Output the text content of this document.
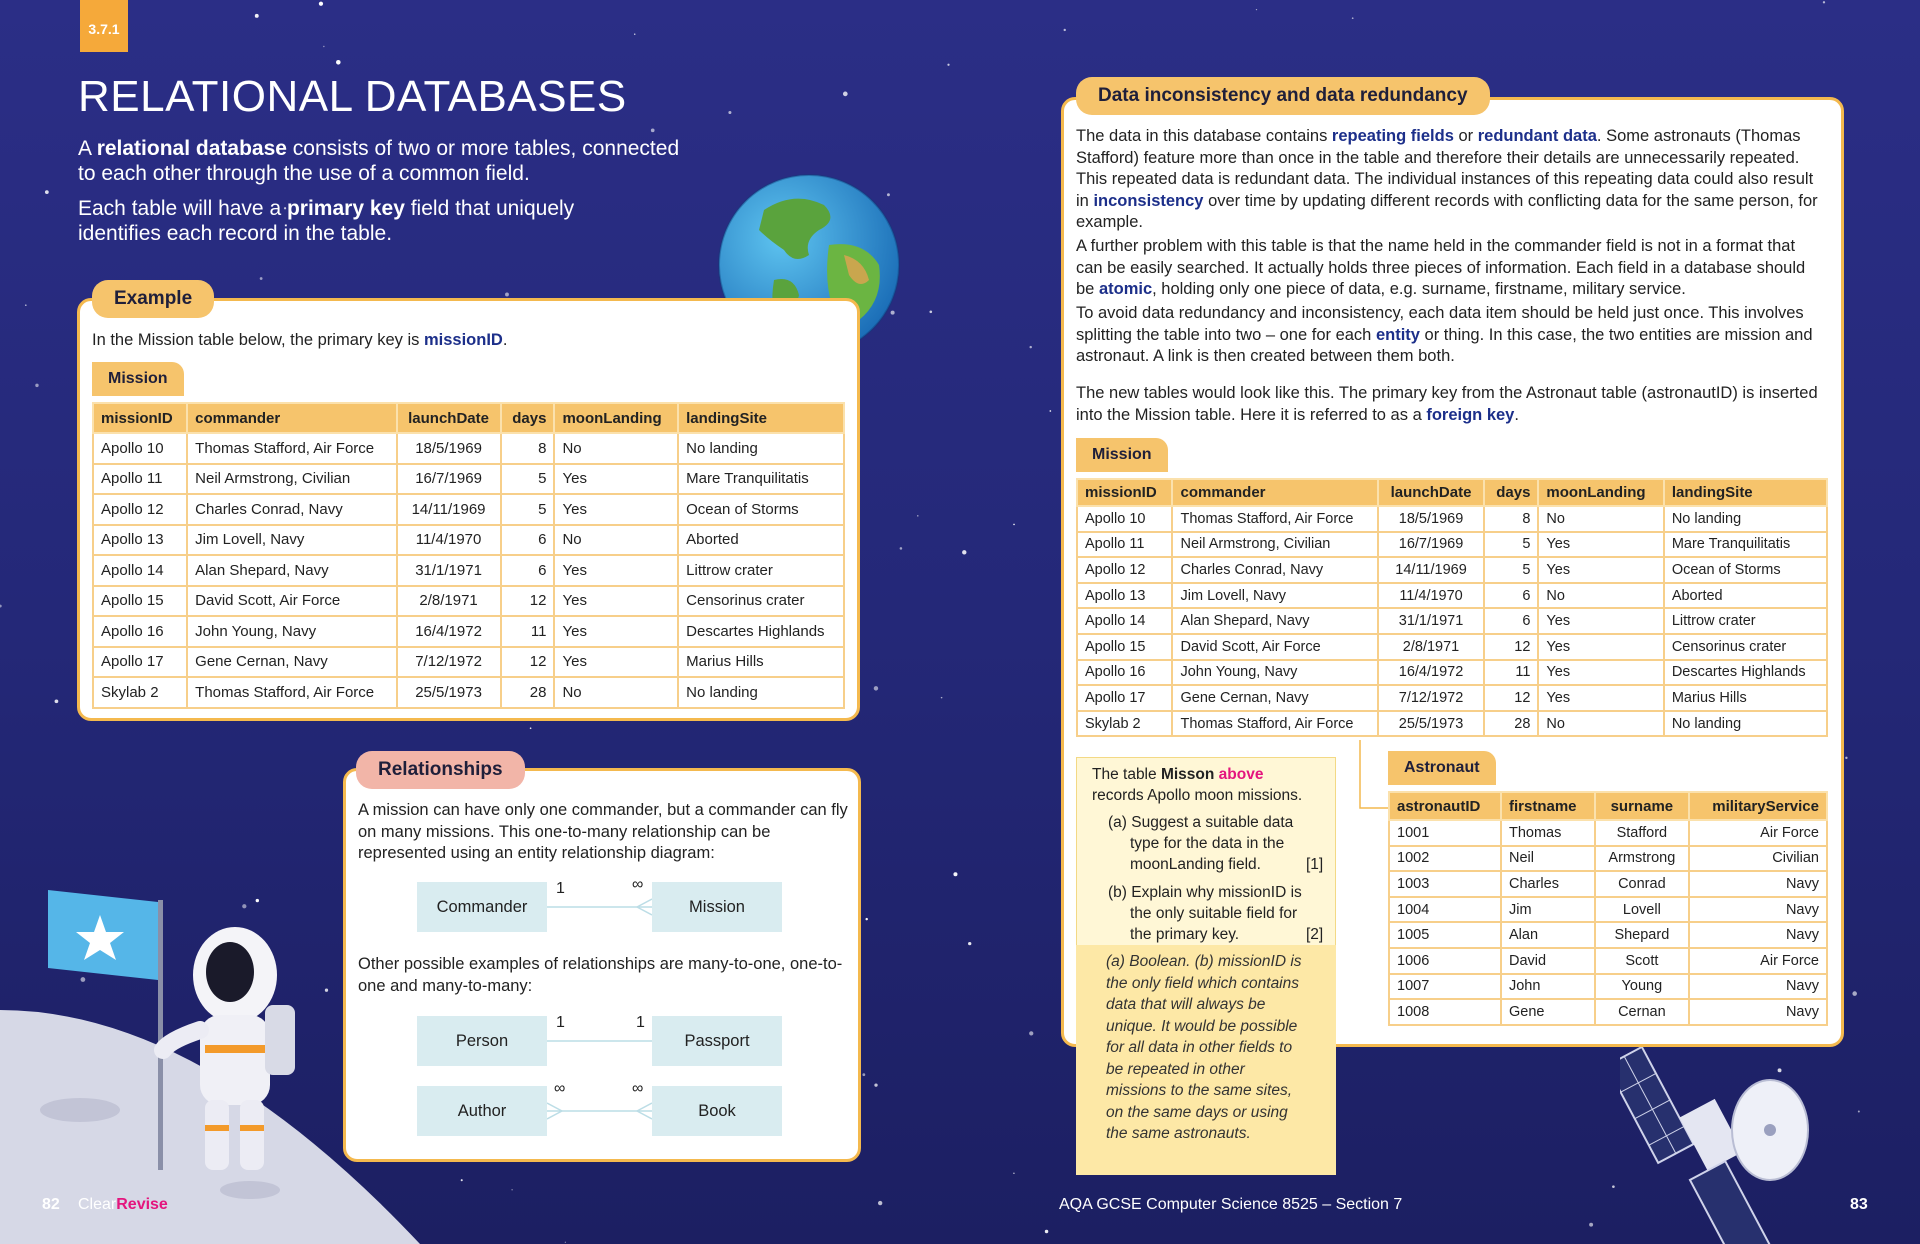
3.7.1
RELATIONAL DATABASES
A relational database consists of two or more tables, connected to each other through the use of a common field.
Each table will have a primary key field that uniquely identifies each record in the table.
Example
In the Mission table below, the primary key is missionID.
Mission
missionID	commander	launchDate	days	moonLanding	landingSite
Apollo 10	Thomas Stafford, Air Force	18/5/1969	8	No	No landing
Apollo 11	Neil Armstrong, Civilian	16/7/1969	5	Yes	Mare Tranquilitatis
Apollo 12	Charles Conrad, Navy	14/11/1969	5	Yes	Ocean of Storms
Apollo 13	Jim Lovell, Navy	11/4/1970	6	No	Aborted
Apollo 14	Alan Shepard, Navy	31/1/1971	6	Yes	Littrow crater
Apollo 15	David Scott, Air Force	2/8/1971	12	Yes	Censorinus crater
Apollo 16	John Young, Navy	16/4/1972	11	Yes	Descartes Highlands
Apollo 17	Gene Cernan, Navy	7/12/1972	12	Yes	Marius Hills
Skylab 2	Thomas Stafford, Air Force	25/5/1973	28	No	No landing
Relationships
A mission can have only one commander, but a commander can fly on many missions. This one-to-many relationship can be represented using an entity relationship diagram:
Commander	Mission
1	∞
Other possible examples of relationships are many-to-one, one-to-one and many-to-many:
Person	Passport
1	1
Author	Book
∞	∞
Data inconsistency and data redundancy
The data in this database contains repeating fields or redundant data. Some astronauts (Thomas Stafford) feature more than once in the table and therefore their details are unnecessarily repeated. This repeated data is redundant data. The individual instances of this repeating data could also result in inconsistency over time by updating different records with conflicting data for the same person, for example.
A further problem with this table is that the name held in the commander field is not in a format that can be easily searched. It actually holds three pieces of information. Each field in a database should be atomic, holding only one piece of data, e.g. surname, firstname, military service.
To avoid data redundancy and inconsistency, each data item should be held just once. This involves splitting the table into two – one for each entity or thing. In this case, the two entities are mission and astronaut. A link is then created between them both.
The new tables would look like this. The primary key from the Astronaut table (astronautID) is inserted into the Mission table. Here it is referred to as a foreign key.
Mission
missionID	commander	launchDate	days	moonLanding	landingSite
Apollo 10	Thomas Stafford, Air Force	18/5/1969	8	No	No landing
Apollo 11	Neil Armstrong, Civilian	16/7/1969	5	Yes	Mare Tranquilitatis
Apollo 12	Charles Conrad, Navy	14/11/1969	5	Yes	Ocean of Storms
Apollo 13	Jim Lovell, Navy	11/4/1970	6	No	Aborted
Apollo 14	Alan Shepard, Navy	31/1/1971	6	Yes	Littrow crater
Apollo 15	David Scott, Air Force	2/8/1971	12	Yes	Censorinus crater
Apollo 16	John Young, Navy	16/4/1972	11	Yes	Descartes Highlands
Apollo 17	Gene Cernan, Navy	7/12/1972	12	Yes	Marius Hills
Skylab 2	Thomas Stafford, Air Force	25/5/1973	28	No	No landing
Astronaut
astronautID	firstname	surname	militaryService
1001	Thomas	Stafford	Air Force
1002	Neil	Armstrong	Civilian
1003	Charles	Conrad	Navy
1004	Jim	Lovell	Navy
1005	Alan	Shepard	Navy
1006	David	Scott	Air Force
1007	John	Young	Navy
1008	Gene	Cernan	Navy
The table Misson above
records Apollo moon missions.
(a) Suggest a suitable data type for the data in the moonLanding field.	[1]
(b) Explain why missionID is the only suitable field for the primary key.	[2]
(a) Boolean. (b) missionID is the only field which contains data that will always be unique. It would be possible for all data in other fields to be repeated in other missions to the same sites, on the same days or using the same astronauts.
82 ClearRevise	AQA GCSE Computer Science 8525 – Section 7	83
